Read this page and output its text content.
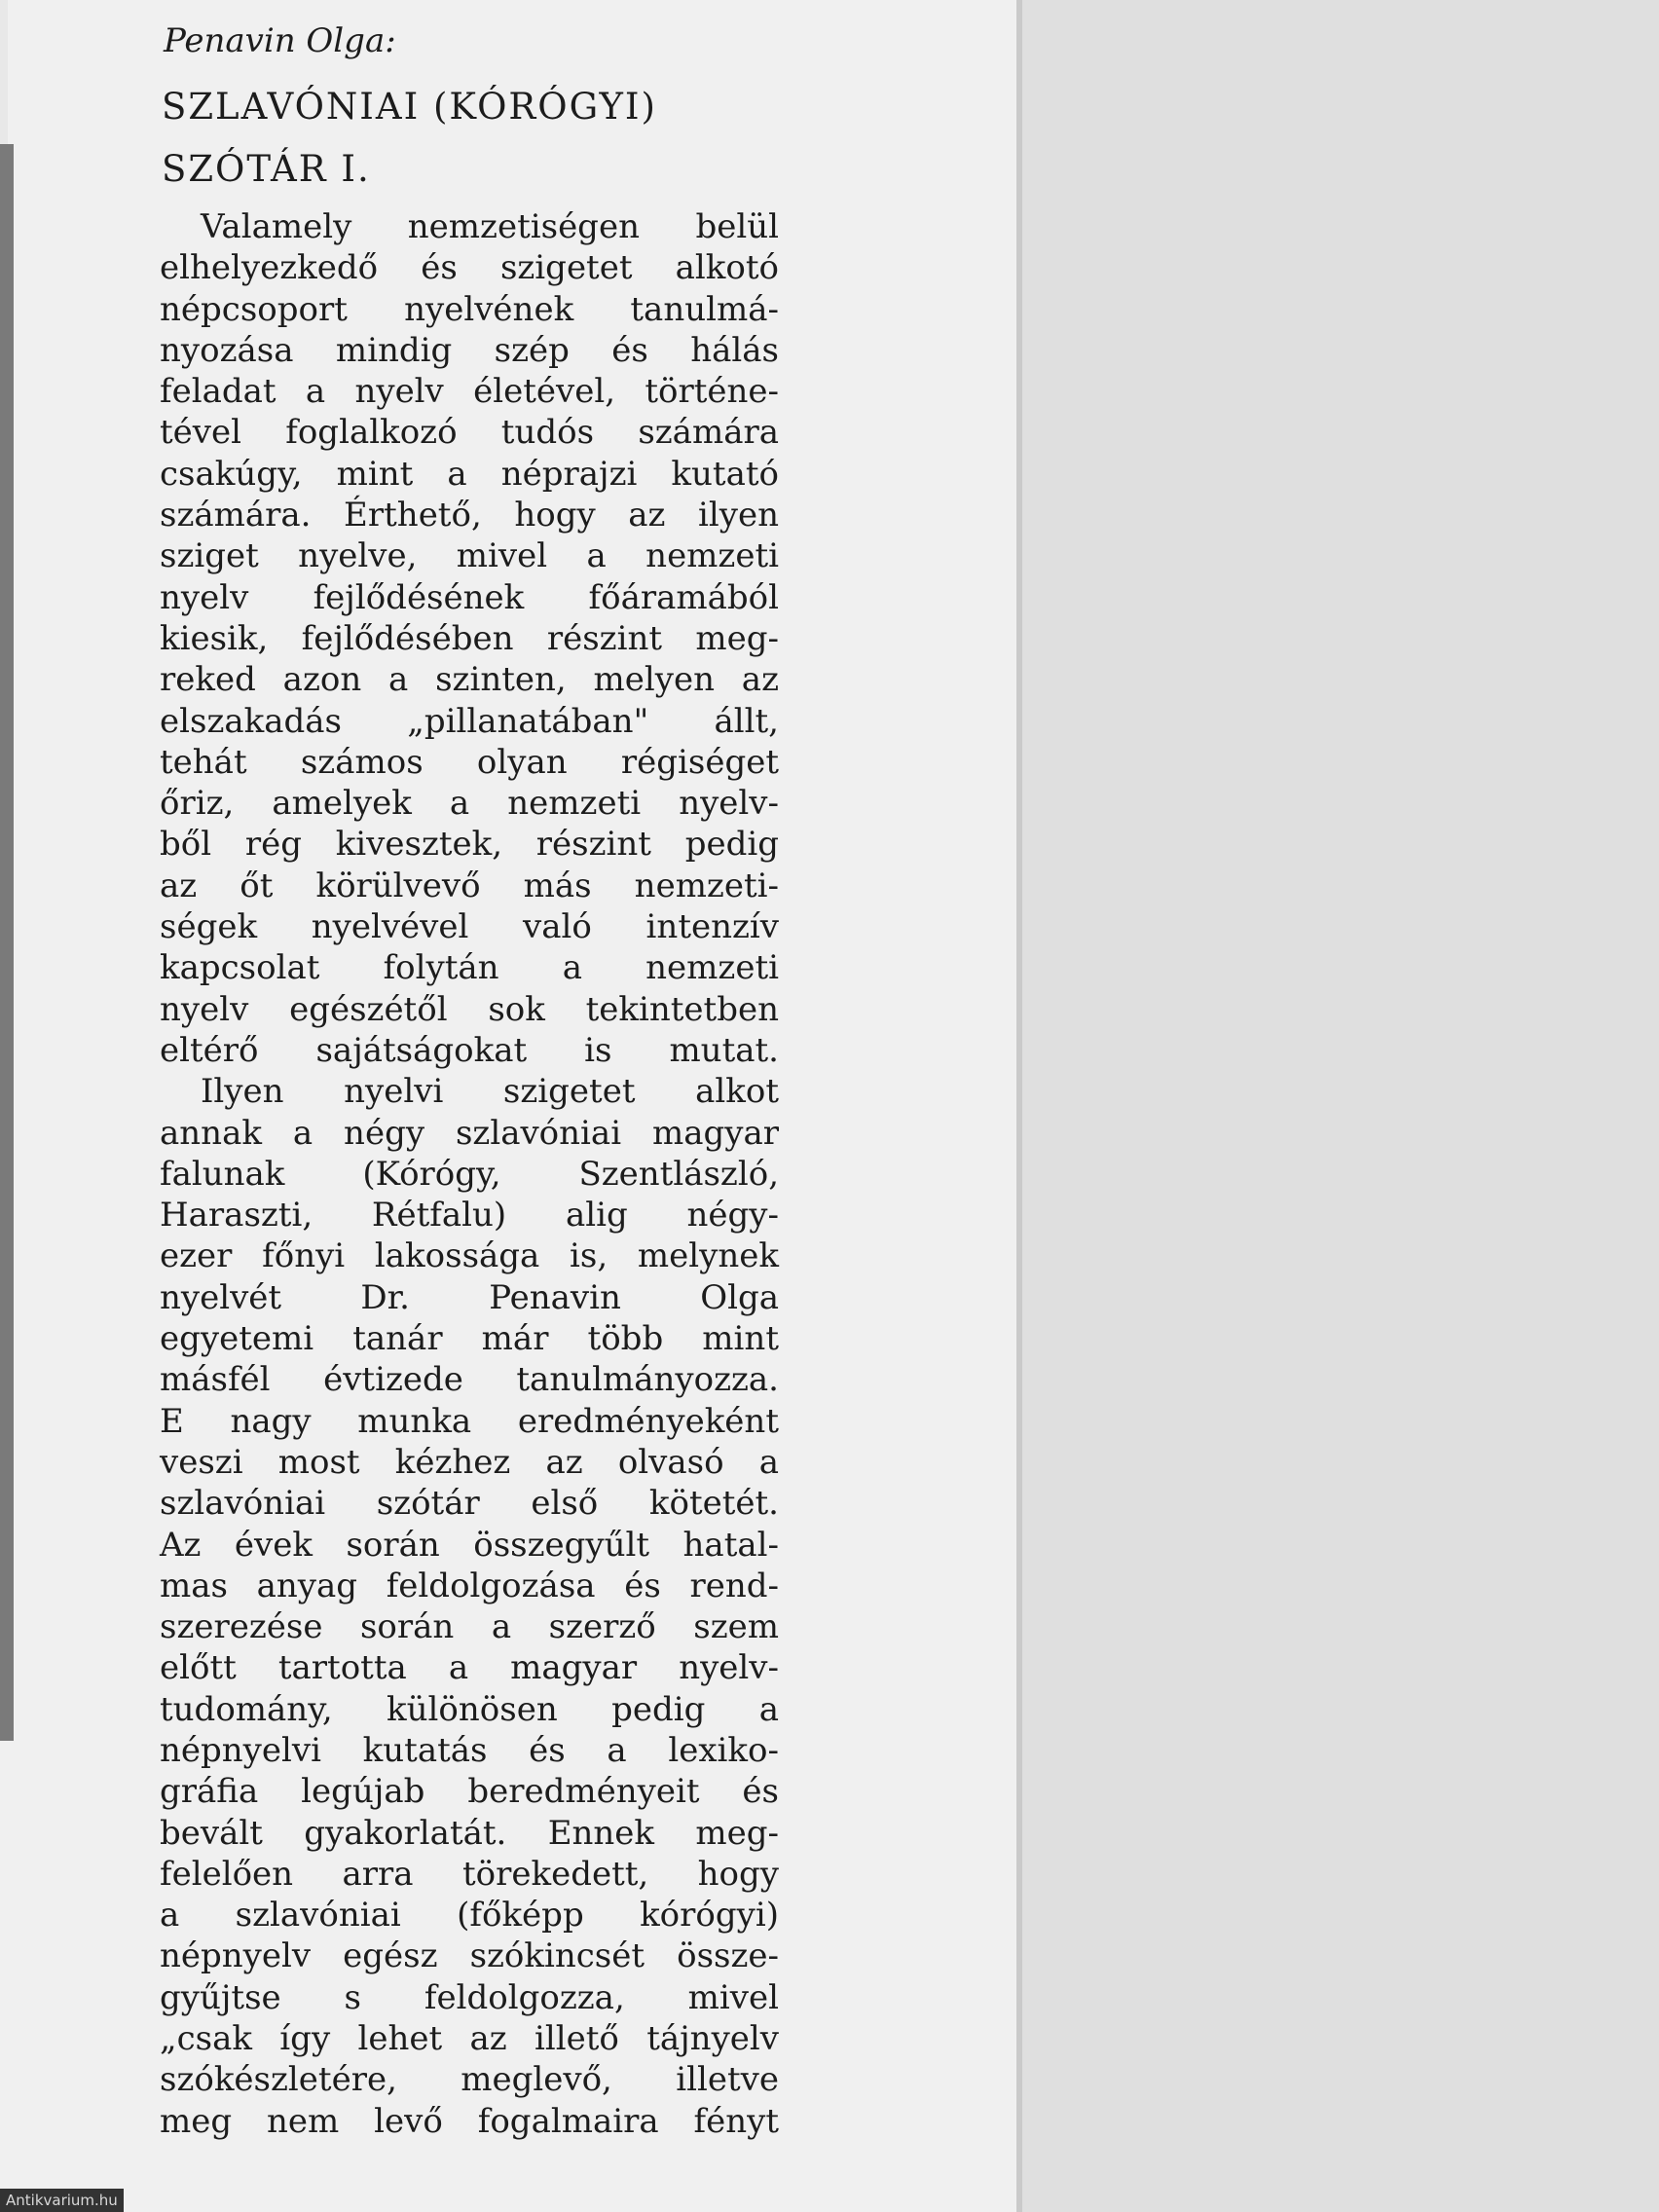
Penavin Olga:
SZLAVÓNIAI (KÓRÓGYI)
SZÓTÁR I.
Valamely nemzetiségen belül
elhelyezkedő és szigetet alkotó
népcsoport nyelvének tanulmá-
nyozása mindig szép és hálás
feladat a nyelv életével, történe-
tével foglalkozó tudós számára
csakúgy, mint a néprajzi kutató
számára. Érthető, hogy az ilyen
sziget nyelve, mivel a nemzeti
nyelv fejlődésének főáramából
kiesik, fejlődésében részint meg-
reked azon a szinten, melyen az
elszakadás „pillanatában" állt,
tehát számos olyan régiséget
őriz, amelyek a nemzeti nyelv-
ből rég kivesztek, részint pedig
az őt körülvevő más nemzeti-
ségek nyelvével való intenzív
kapcsolat folytán a nemzeti
nyelv egészétől sok tekintetben
eltérő sajátságokat is mutat.
Ilyen nyelvi szigetet alkot
annak a négy szlavóniai magyar
falunak (Kórógy, Szentlászló,
Haraszti, Rétfalu) alig négy-
ezer főnyi lakossága is, melynek
nyelvét Dr. Penavin Olga
egyetemi tanár már több mint
másfél évtizede tanulmányozza.
E nagy munka eredményeként
veszi most kézhez az olvasó a
szlavóniai szótár első kötetét.
Az évek során összegyűlt hatal-
mas anyag feldolgozása és rend-
szerezése során a szerző szem
előtt tartotta a magyar nyelv-
tudomány, különösen pedig a
népnyelvi kutatás és a lexiko-
gráfia legújab beredményeit és
bevált gyakorlatát. Ennek meg-
felelően arra törekedett, hogy
a szlavóniai (főképp kórógyi)
népnyelv egész szókincsét össze-
gyűjtse s feldolgozza, mivel
„csak így lehet az illető tájnyelv
szókészletére, meglevő, illetve
meg nem levő fogalmaira fényt
Antikvarium.hu
